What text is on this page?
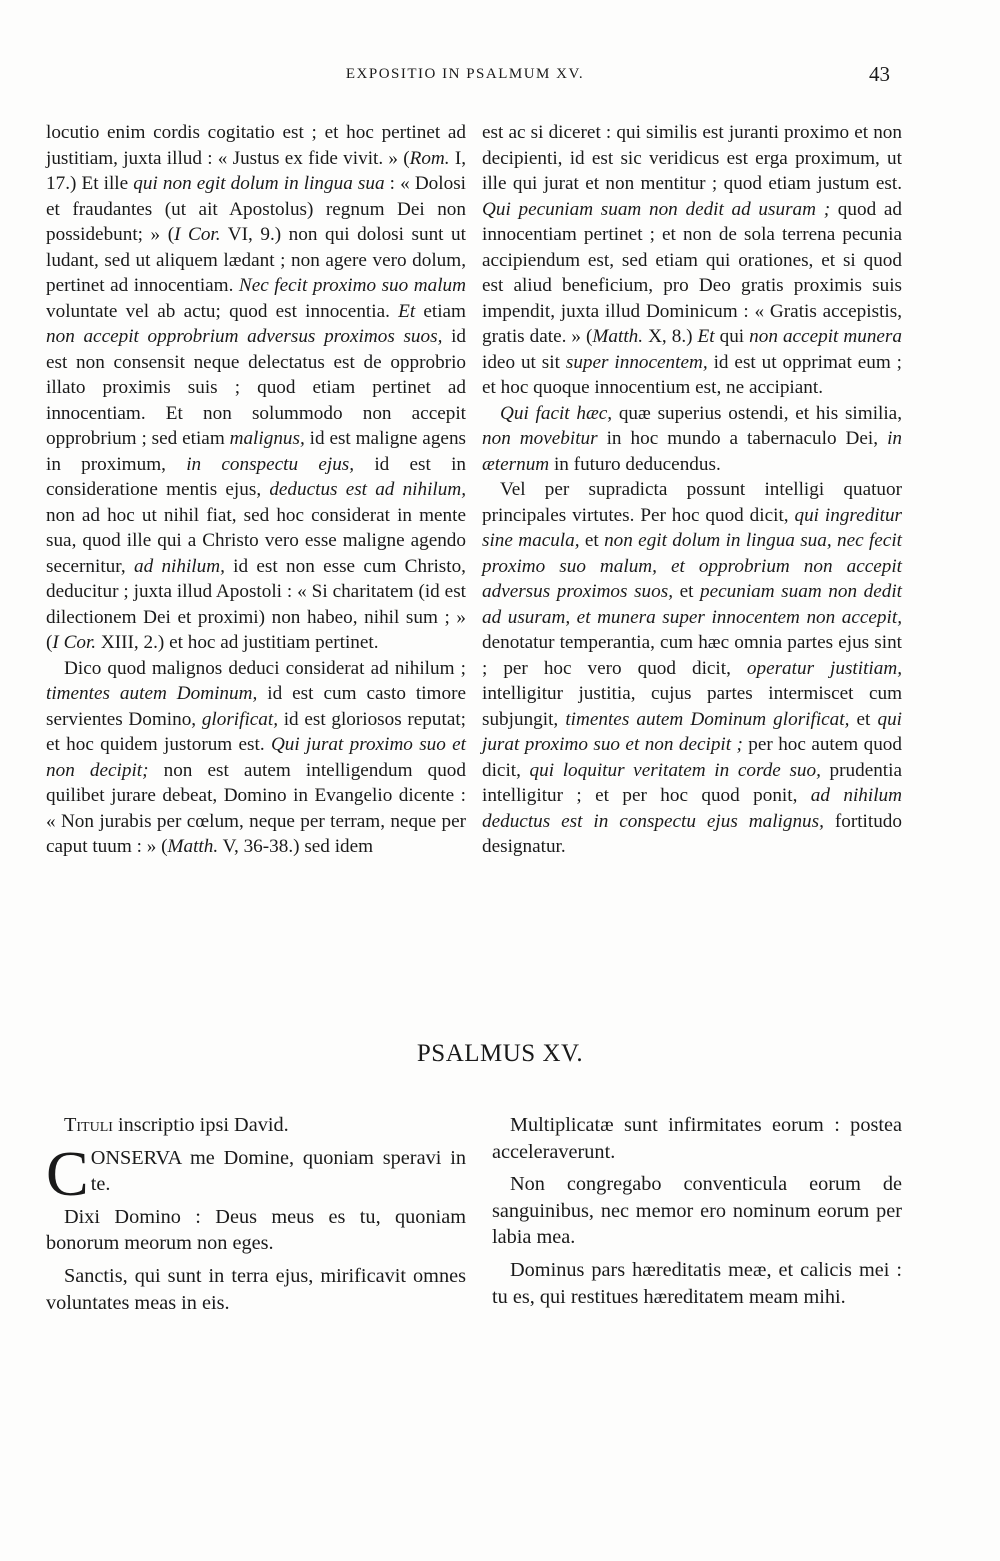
EXPOSITIO IN PSALMUM XV.	43

locutio enim cordis cogitatio est ; et hoc pertinet ad justitiam, juxta illud : « Justus ex fide vivit. » (Rom. I, 17.) Et ille qui non egit dolum in lingua sua : « Dolosi et fraudantes (ut ait Apostolus) regnum Dei non possidebunt; » (I Cor. VI, 9.) non qui dolosi sunt ut ludant, sed ut aliquem lædant ; non agere vero dolum, pertinet ad innocentiam. Nec fecit proximo suo malum voluntate vel ab actu; quod est innocentia. Et etiam non accepit opprobrium adversus proximos suos, id est non consensit neque delectatus est de opprobrio illato proximis suis ; quod etiam pertinet ad innocentiam. Et non solummodo non accepit opprobrium ; sed etiam malignus, id est maligne agens in proximum, in conspectu ejus, id est in consideratione mentis ejus, deductus est ad nihilum, non ad hoc ut nihil fiat, sed hoc considerat in mente sua, quod ille qui a Christo vero esse maligne agendo secernitur, ad nihilum, id est non esse cum Christo, deducitur ; juxta illud Apostoli : « Si charitatem (id est dilectionem Dei et proximi) non habeo, nihil sum ; » (I Cor. XIII, 2.) et hoc ad justitiam pertinet.

Dico quod malignos deduci considerat ad nihilum ; timentes autem Dominum, id est cum casto timore servientes Domino, glorificat, id est gloriosos reputat; et hoc quidem justorum est. Qui jurat proximo suo et non decipit; non est autem intelligendum quod quilibet jurare debeat, Domino in Evangelio dicente : « Non jurabis per cœlum, neque per terram, neque per caput tuum : » (Matth. V, 36-38.) sed idem

est ac si diceret : qui similis est juranti proximo et non decipienti, id est sic veridicus est erga proximum, ut ille qui jurat et non mentitur ; quod etiam justum est. Qui pecuniam suam non dedit ad usuram ; quod ad innocentiam pertinet ; et non de sola terrena pecunia accipiendum est, sed etiam qui orationes, et si quod est aliud beneficium, pro Deo gratis proximis suis impendit, juxta illud Dominicum : « Gratis accepistis, gratis date. » (Matth. X, 8.) Et qui non accepit munera ideo ut sit super innocentem, id est ut opprimat eum ; et hoc quoque innocentium est, ne accipiant.

Qui facit hæc, quæ superius ostendi, et his similia, non movebitur in hoc mundo a tabernaculo Dei, in æternum in futuro deducendus.

Vel per supradicta possunt intelligi quatuor principales virtutes. Per hoc quod dicit, qui ingreditur sine macula, et non egit dolum in lingua sua, nec fecit proximo suo malum, et opprobrium non accepit adversus proximos suos, et pecuniam suam non dedit ad usuram, et munera super innocentem non accepit, denotatur temperantia, cum hæc omnia partes ejus sint ; per hoc vero quod dicit, operatur justitiam, intelligitur justitia, cujus partes intermiscet cum subjungit, timentes autem Dominum glorificat, et qui jurat proximo suo et non decipit ; per hoc autem quod dicit, qui loquitur veritatem in corde suo, prudentia intelligitur ; et per hoc quod ponit, ad nihilum deductus est in conspectu ejus malignus, fortitudo designatur.

PSALMUS XV.

Tituli inscriptio ipsi David.

CONSERVA me Domine, quoniam speravi in te.

Dixi Domino : Deus meus es tu, quoniam bonorum meorum non eges.

Sanctis, qui sunt in terra ejus, mirificavit omnes voluntates meas in eis.

Multiplicatæ sunt infirmitates eorum : postea acceleraverunt.

Non congregabo conventicula eorum de sanguinibus, nec memor ero nominum eorum per labia mea.

Dominus pars hæreditatis meæ, et calicis mei : tu es, qui restitues hæreditatem meam mihi.
